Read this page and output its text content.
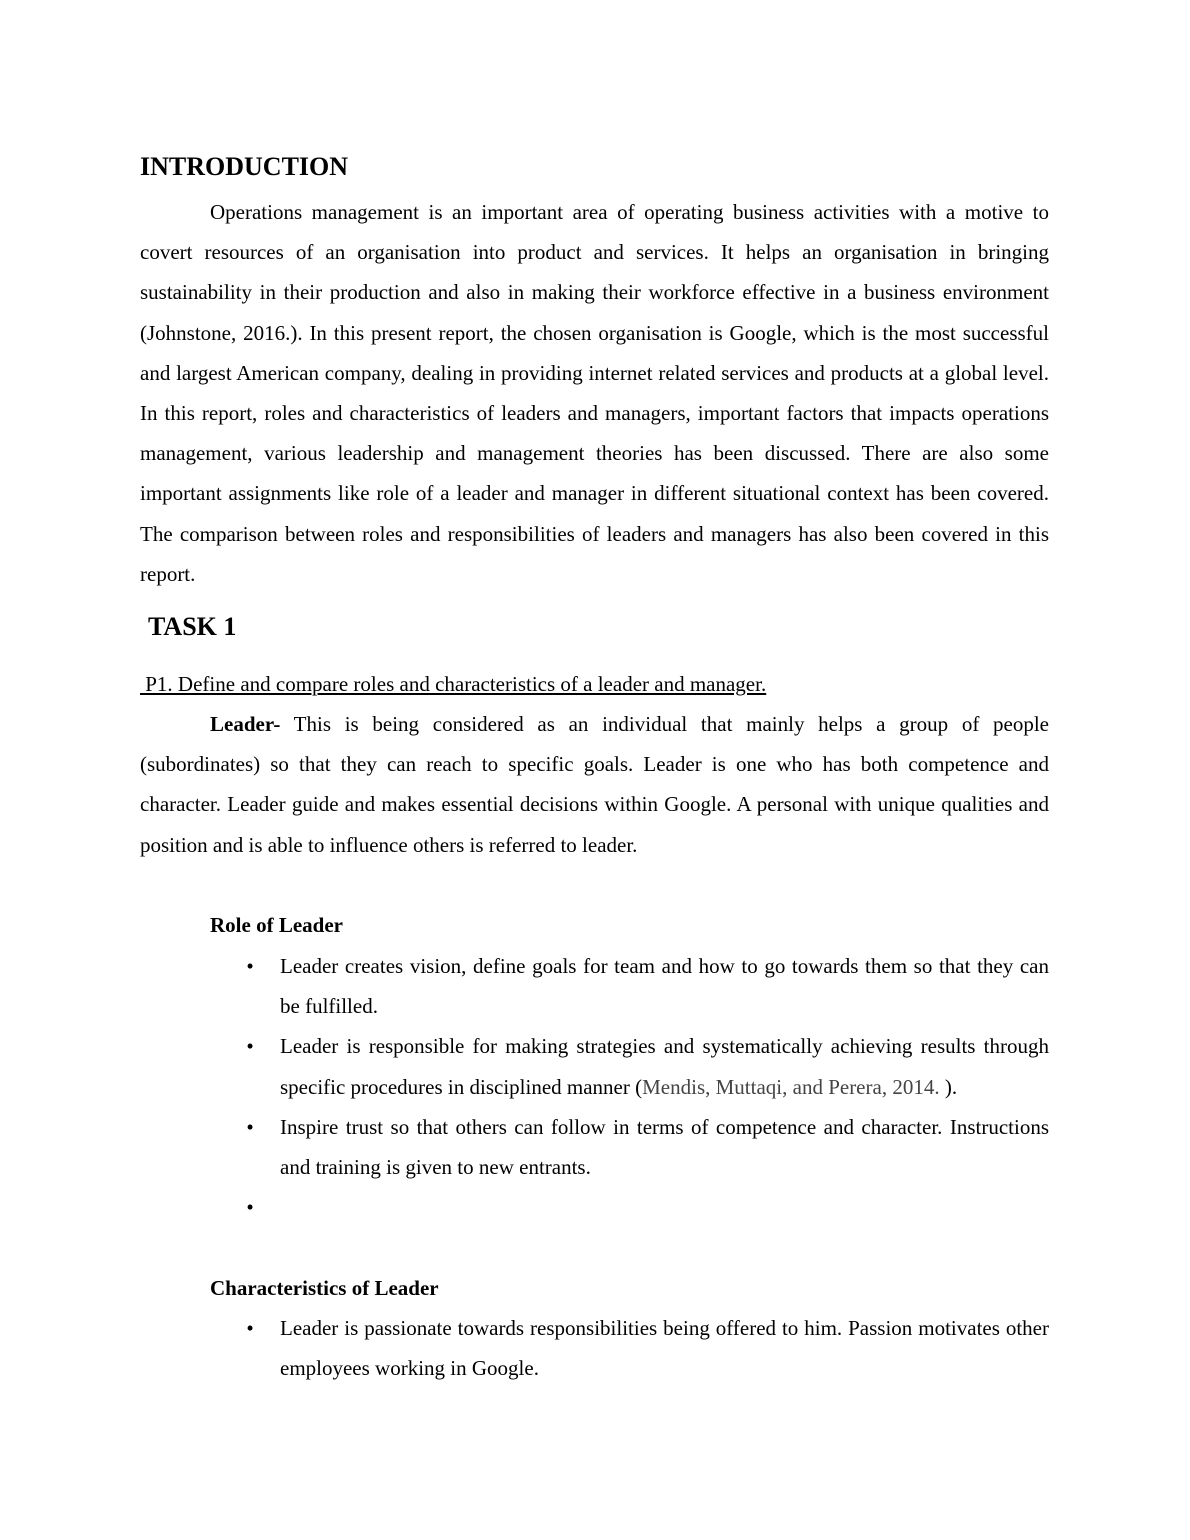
INTRODUCTION

Operations management is an important area of operating business activities with a motive to covert resources of an organisation into product and services. It helps an organisation in bringing sustainability in their production and also in making their workforce effective in a business environment (Johnstone, 2016.). In this present report, the chosen organisation is Google, which is the most successful and largest American company, dealing in providing internet related services and products at a global level. In this report, roles and characteristics of leaders and managers, important factors that impacts operations management, various leadership and management theories has been discussed. There are also some important assignments like role of a leader and manager in different situational context has been covered. The comparison between roles and responsibilities of leaders and managers has also been covered in this report.

TASK 1

P1. Define and compare roles and characteristics of a leader and manager.

Leader- This is being considered as an individual that mainly helps a group of people (subordinates) so that they can reach to specific goals. Leader is one who has both competence and character. Leader guide and makes essential decisions within Google. A personal with unique qualities and position and is able to influence others is referred to leader.

Role of Leader
• Leader creates vision, define goals for team and how to go towards them so that they can be fulfilled.
• Leader is responsible for making strategies and systematically achieving results through specific procedures in disciplined manner (Mendis, Muttaqi, and Perera, 2014. ).
• Inspire trust so that others can follow in terms of competence and character. Instructions and training is given to new entrants.
•
Characteristics of Leader
• Leader is passionate towards responsibilities being offered to him. Passion motivates other employees working in Google.
